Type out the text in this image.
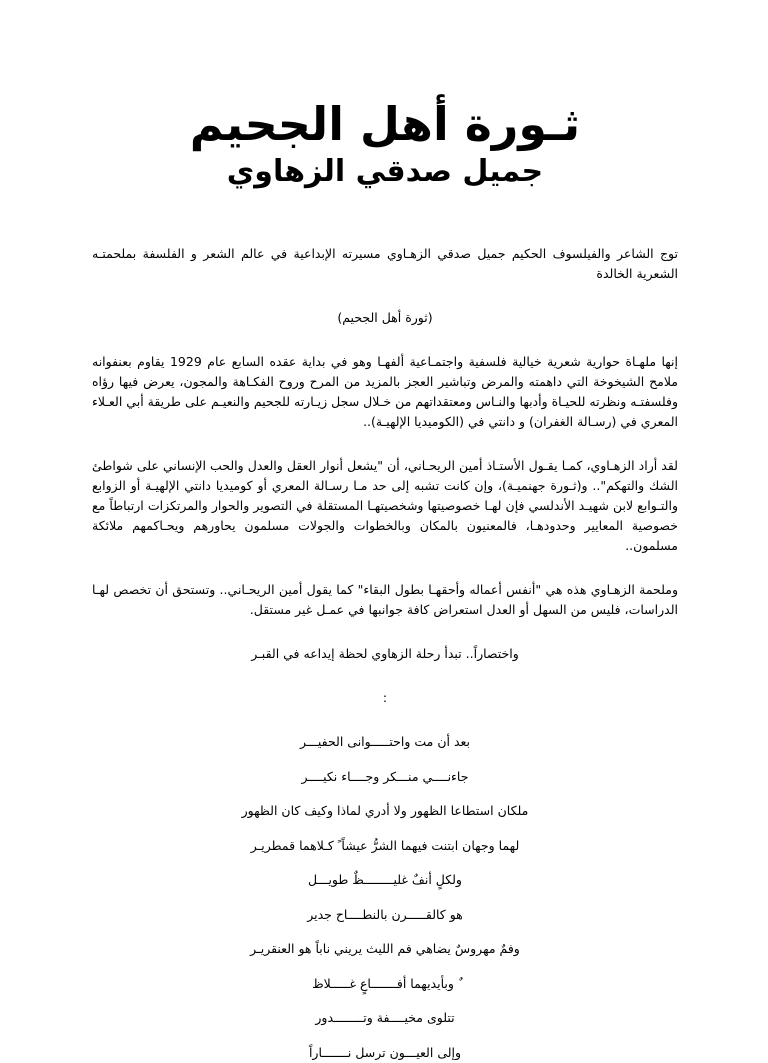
ثـورة أهل الجحيم
جميل صدقي الزهاوي

توج الشاعر والفيلسوف الحكيم جميل صدقي الزهـاوي مسيرته الإبداعية في عالم الشعر و الفلسفة بملحمتـه الشعرية الخالدة

(ثورة أهل الجحيم)

إنها ملهـاة حوارية شعرية خيالية فلسفية واجتمـاعية ألفهـا وهو في بداية عقده السابع عام 1929 يقاوم بعنفوانه ملامح الشيخوخة التي داهمته والمرض وتباشير العجز بالمزيد من المرح وروح الفكـاهة والمجون، يعرض فيها رؤاه وفلسفتـه ونظرته للحيـاة وأدبها والنـاس ومعتقداتهم من خـلال سجل زيـارته للجحيم والنعيـم على طريقة أبي العـلاء المعري في (رسـالة الغفران) و دانتي في (الكوميديا الإلهيـة)..

لقد أراد الزهـاوي، كمـا يقـول الأستـاذ أمين الريحـاني، أن "يشعل أنوار العقل والعدل والحب الإنساني على شواطئ الشك والتهكم".. و(ثـورة جهنميـة)، وإن كانت تشبه إلى حد مـا رسـالة المعري أو كوميديا دانتي الإلهيـة أو الزوابع والتـوابع لابن شهيـد الأندلسي فإن لهـا خصوصيتها وشخصيتهـا المستقلة في التصوير والحوار والمرتكزات ارتباطاً مع خصوصية المعايير وحدودهـا، فالمعنيون بالمكان وبالخطوات والجولات مسلمون يحاورهم ويحـاكمهم ملائكة مسلمون..

وملحمة الزهـاوي هذه هي "أنفس أعماله وأحقهـا بطول البقاء" كما يقول أمين الريحـاني.. وتستحق أن تخصص لهـا الدراسات، فليس من السهل أو العدل استعراض كافة جوانبها في عمـل غير مستقل.

واختصاراً.. تبدأ رحلة الزهاوي لحظة إيداعه في القبـر

:

بعد أن مت واحتـــــوانى الحفيـــر
جاءنــــي منـــكر وجــــاء نكيــــر
ملكان استطاعا الظهور ولا أدري لماذا وكيف كان الظهور
لهما وجهان ابتنت فيهما الشرُّ عيشاً ً كـلاهما قمطريـر
ولكلٍ أنفٌ غليــــــــظٌ طويـــل
هو كالقـــــرن بالنطــــاح جدير
وفمٌ مهروسٌ يضاهي فم الليث يريني ناباً هو العنقريـر
ٌ وبأيديهما أفـــــــاعٍ غـــــلاظ
تتلوى مخيــــفة وتــــــــدور
وإلى العيـــون ترسل نـــــــاراً
